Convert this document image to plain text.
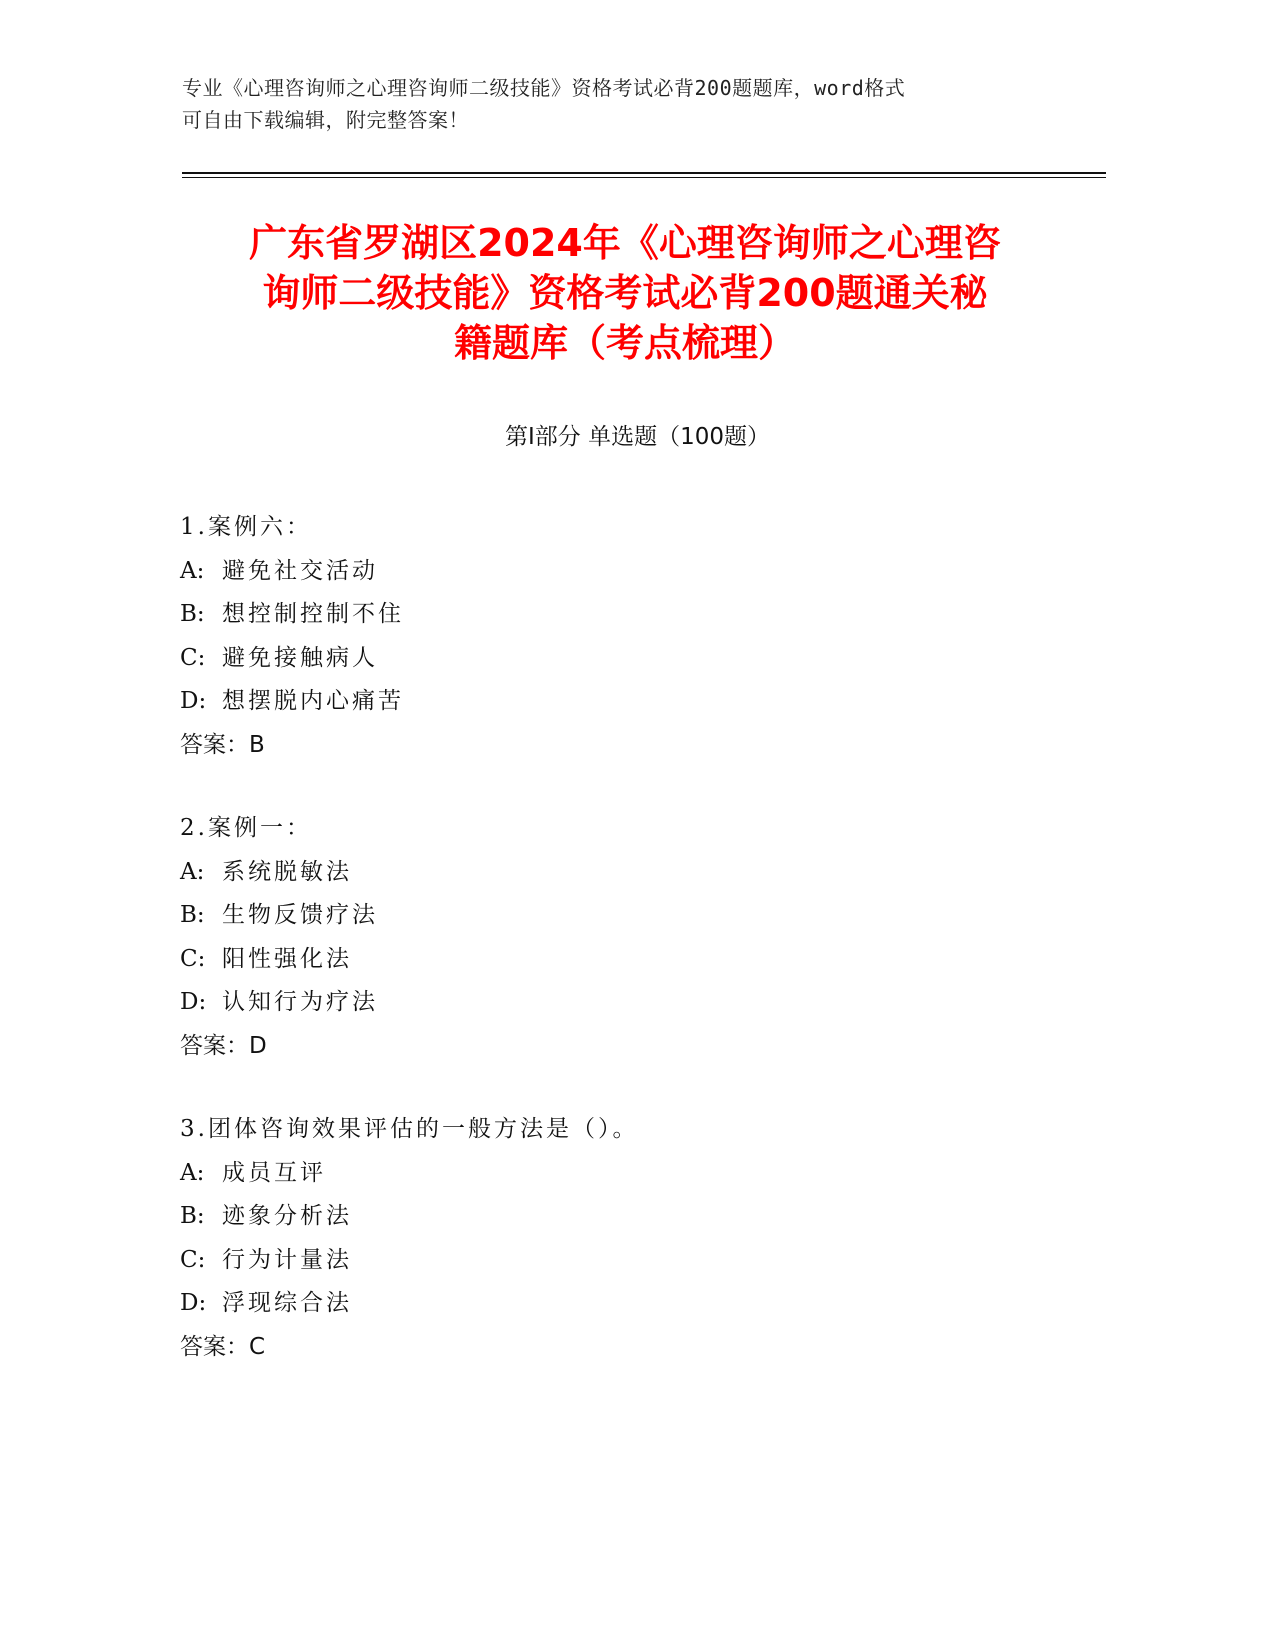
专业《心理咨询师之心理咨询师二级技能》资格考试必背200题题库，word格式
可自由下载编辑，附完整答案！
广东省罗湖区2024年《心理咨询师之心理咨
询师二级技能》资格考试必背200题通关秘
籍题库（考点梳理）
第Ⅰ部分 单选题（100题）
1.案例六：
A: 避免社交活动
B: 想控制控制不住
C: 避免接触病人
D: 想摆脱内心痛苦
答案：B
2.案例一：
A: 系统脱敏法
B: 生物反馈疗法
C: 阳性强化法
D: 认知行为疗法
答案：D
3.团体咨询效果评估的一般方法是（）。
A: 成员互评
B: 迹象分析法
C: 行为计量法
D: 浮现综合法
答案：C
